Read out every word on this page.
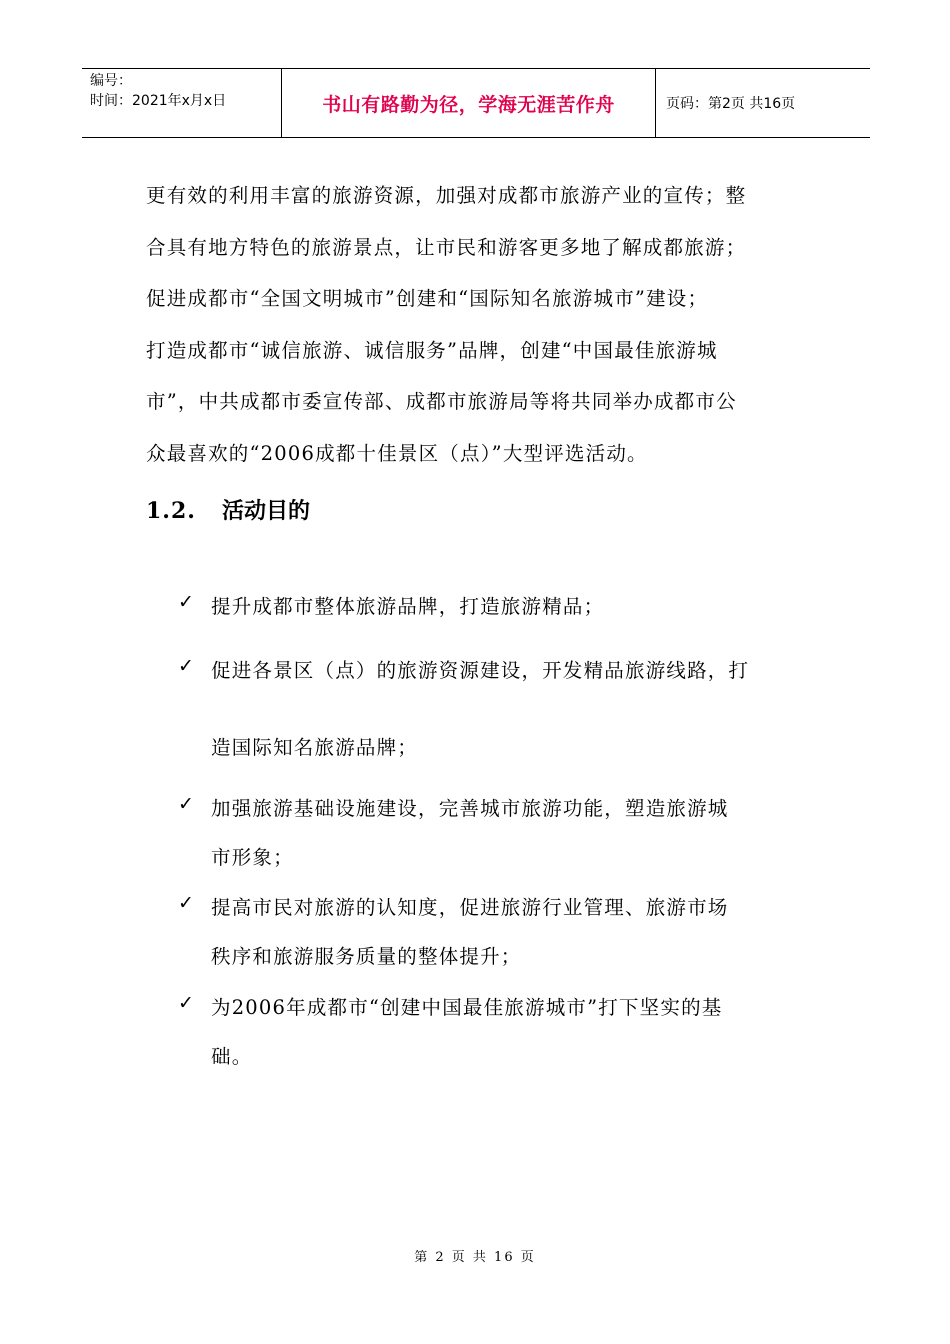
编号：
时间：2021年x月x日	书山有路勤为径，学海无涯苦作舟	页码：第2页 共16页
更有效的利用丰富的旅游资源，加强对成都市旅游产业的宣传；整
合具有地方特色的旅游景点，让市民和游客更多地了解成都旅游；
促进成都市“全国文明城市”创建和“国际知名旅游城市”建设；
打造成都市“诚信旅游、诚信服务”品牌，创建“中国最佳旅游城
市”，中共成都市委宣传部、成都市旅游局等将共同举办成都市公
众最喜欢的“2006成都十佳景区（点）”大型评选活动。
1.2. 活动目的
✓ 提升成都市整体旅游品牌，打造旅游精品；
✓ 促进各景区（点）的旅游资源建设，开发精品旅游线路，打
造国际知名旅游品牌；
✓ 加强旅游基础设施建设，完善城市旅游功能，塑造旅游城
市形象；
✓ 提高市民对旅游的认知度，促进旅游行业管理、旅游市场
秩序和旅游服务质量的整体提升；
✓ 为2006年成都市“创建中国最佳旅游城市”打下坚实的基
础。
第 2 页 共 16 页
